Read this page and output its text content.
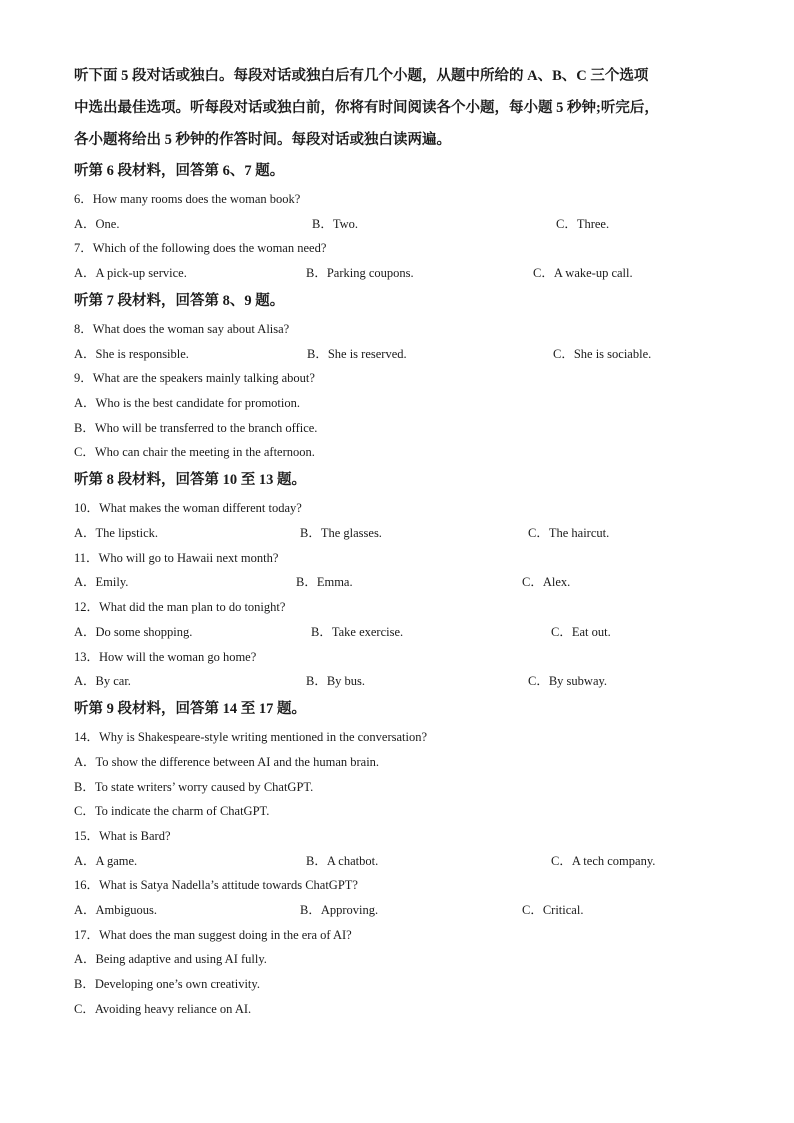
听下面 5 段对话或独白。每段对话或独白后有几个小题，从题中所给的 A、B、C 三个选项
中选出最佳选项。听每段对话或独白前，你将有时间阅读各个小题，每小题 5 秒钟;听完后，
各小题将给出 5 秒钟的作答时间。每段对话或独白读两遍。
听第 6 段材料，回答第 6、7 题。
6．How many rooms does the woman book?
A．One.	B．Two.	C．Three.
7．Which of the following does the woman need?
A．A pick-up service.	B．Parking coupons.	C．A wake-up call.
听第 7 段材料，回答第 8、9 题。
8．What does the woman say about Alisa?
A．She is responsible.	B．She is reserved.	C．She is sociable.
9．What are the speakers mainly talking about?
A．Who is the best candidate for promotion.
B．Who will be transferred to the branch office.
C．Who can chair the meeting in the afternoon.
听第 8 段材料，回答第 10 至 13 题。
10．What makes the woman different today?
A．The lipstick.	B．The glasses.	C．The haircut.
11．Who will go to Hawaii next month?
A．Emily.	B．Emma.	C．Alex.
12．What did the man plan to do tonight?
A．Do some shopping.	B．Take exercise.	C．Eat out.
13．How will the woman go home?
A．By car.	B．By bus.	C．By subway.
听第 9 段材料，回答第 14 至 17 题。
14．Why is Shakespeare-style writing mentioned in the conversation?
A．To show the difference between AI and the human brain.
B．To state writers’ worry caused by ChatGPT.
C．To indicate the charm of ChatGPT.
15．What is Bard?
A．A game.	B．A chatbot.	C．A tech company.
16．What is Satya Nadella’s attitude towards ChatGPT?
A．Ambiguous.	B．Approving.	C．Critical.
17．What does the man suggest doing in the era of AI?
A．Being adaptive and using AI fully.
B．Developing one’s own creativity.
C．Avoiding heavy reliance on AI.
